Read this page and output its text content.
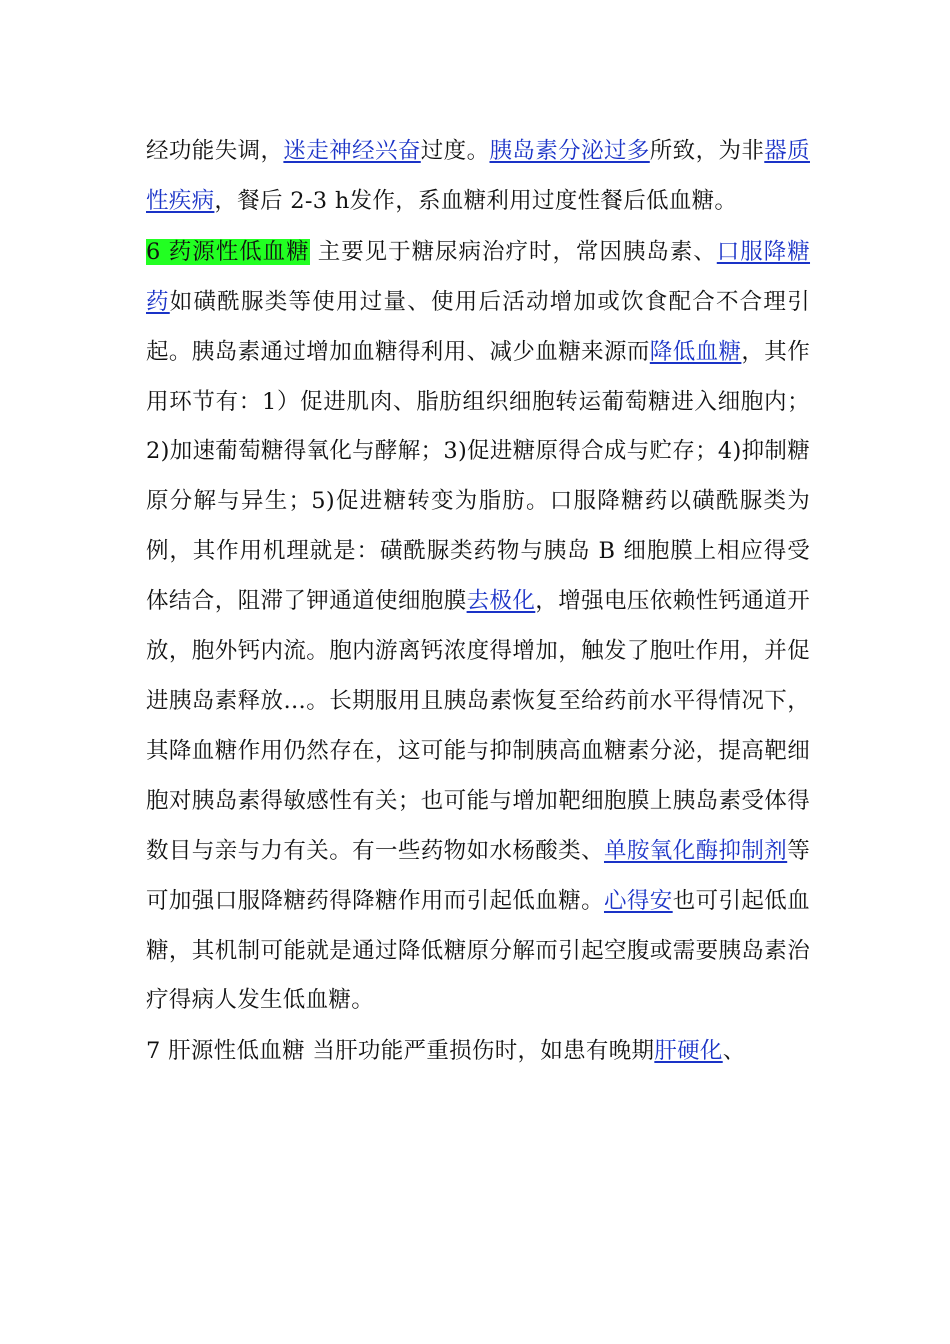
经功能失调，迷走神经兴奋过度。胰岛素分泌过多所致，为非器质性疾病，餐后 2-3 h发作，系血糖利用过度性餐后低血糖。

6 药源性低血糖 主要见于糖尿病治疗时，常因胰岛素、口服降糖药如磺酰脲类等使用过量、使用后活动增加或饮食配合不合理引起。胰岛素通过增加血糖得利用、减少血糖来源而降低血糖，其作用环节有：1）促进肌肉、脂肪组织细胞转运葡萄糖进入细胞内；2)加速葡萄糖得氧化与酵解；3)促进糖原得合成与贮存；4)抑制糖原分解与异生；5)促进糖转变为脂肪。口服降糖药以磺酰脲类为例，其作用机理就是：磺酰脲类药物与胰岛 B 细胞膜上相应得受体结合，阻滞了钾通道使细胞膜去极化，增强电压依赖性钙通道开放，胞外钙内流。胞内游离钙浓度得增加，触发了胞吐作用，并促进胰岛素释放…。长期服用且胰岛素恢复至给药前水平得情况下，其降血糖作用仍然存在，这可能与抑制胰高血糖素分泌，提高靶细胞对胰岛素得敏感性有关；也可能与增加靶细胞膜上胰岛素受体得数目与亲与力有关。有一些药物如水杨酸类、单胺氧化酶抑制剂等可加强口服降糖药得降糖作用而引起低血糖。心得安也可引起低血糖，其机制可能就是通过降低糖原分解而引起空腹或需要胰岛素治疗得病人发生低血糖。

7 肝源性低血糖 当肝功能严重损伤时，如患有晚期肝硬化、
